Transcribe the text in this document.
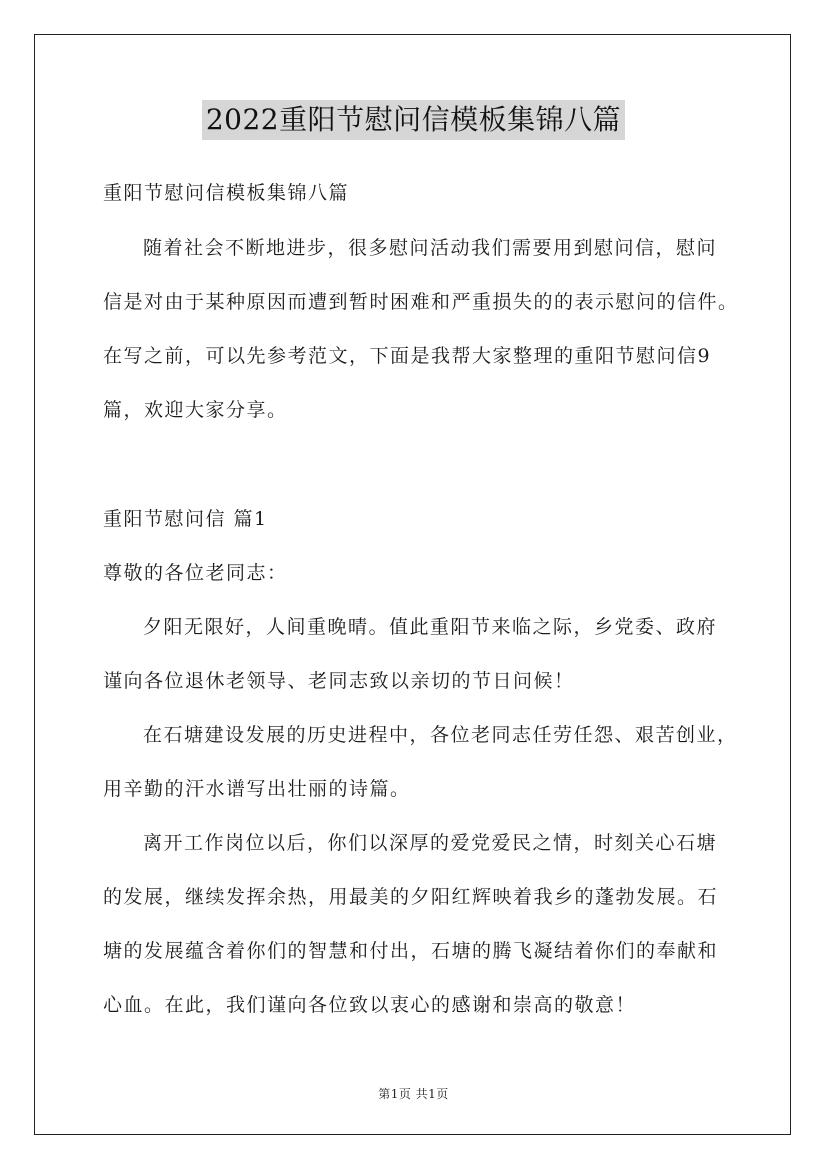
2022重阳节慰问信模板集锦八篇
重阳节慰问信模板集锦八篇
随着社会不断地进步，很多慰问活动我们需要用到慰问信，慰问
信是对由于某种原因而遭到暂时困难和严重损失的的表示慰问的信件。
在写之前，可以先参考范文，下面是我帮大家整理的重阳节慰问信9
篇，欢迎大家分享。
重阳节慰问信 篇1
尊敬的各位老同志：
夕阳无限好，人间重晚晴。值此重阳节来临之际，乡党委、政府
谨向各位退休老领导、老同志致以亲切的节日问候！
在石塘建设发展的历史进程中，各位老同志任劳任怨、艰苦创业，
用辛勤的汗水谱写出壮丽的诗篇。
离开工作岗位以后，你们以深厚的爱党爱民之情，时刻关心石塘
的发展，继续发挥余热，用最美的夕阳红辉映着我乡的蓬勃发展。石
塘的发展蕴含着你们的智慧和付出，石塘的腾飞凝结着你们的奉献和
心血。在此，我们谨向各位致以衷心的感谢和崇高的敬意！
第1页 共1页
